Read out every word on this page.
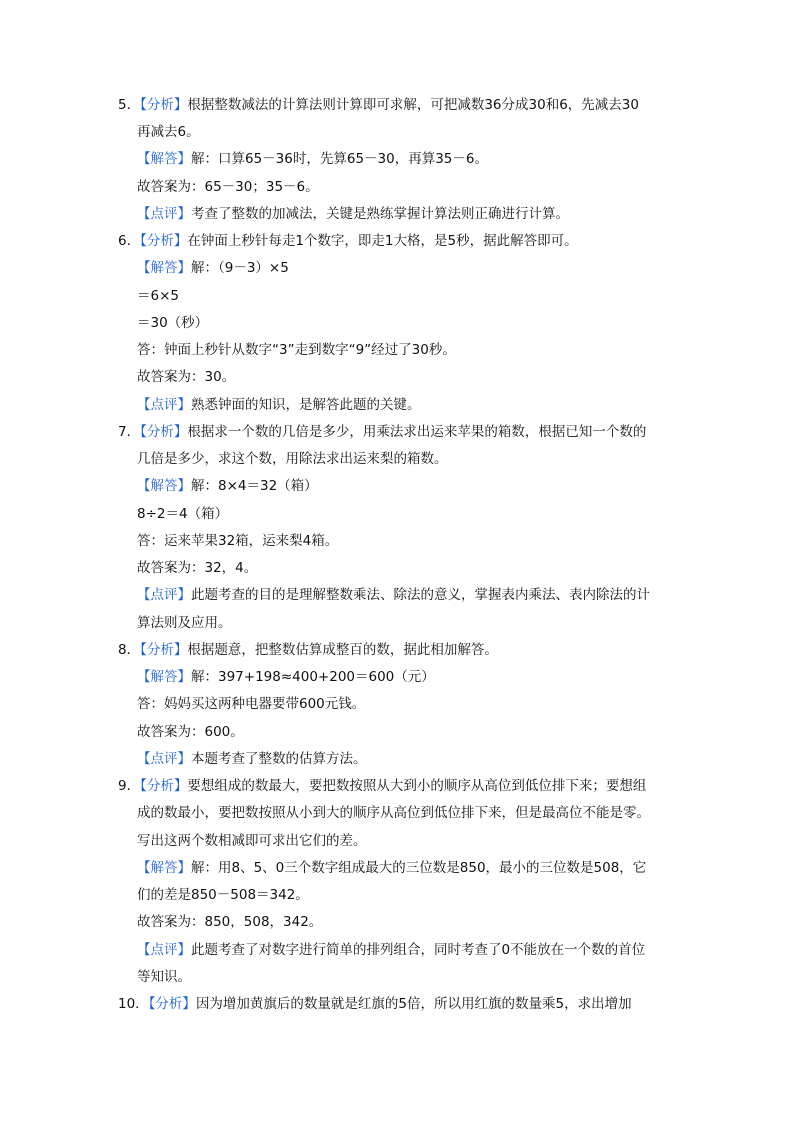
5．【分析】根据整数减法的计算法则计算即可求解，可把减数36分成30和6，先减去30
再减去6。
【解答】解：口算65－36时，先算65－30，再算35－6。
故答案为：65－30；35－6。
【点评】考查了整数的加减法，关键是熟练掌握计算法则正确进行计算。
6．【分析】在钟面上秒针每走1个数字，即走1大格，是5秒，据此解答即可。
【解答】解：（9－3）×5
＝6×5
＝30（秒）
答：钟面上秒针从数字“3”走到数字“9”经过了30秒。
故答案为：30。
【点评】熟悉钟面的知识，是解答此题的关键。
7．【分析】根据求一个数的几倍是多少，用乘法求出运来苹果的箱数，根据已知一个数的
几倍是多少，求这个数，用除法求出运来梨的箱数。
【解答】解：8×4＝32（箱）
8÷2＝4（箱）
答：运来苹果32箱，运来梨4箱。
故答案为：32，4。
【点评】此题考查的目的是理解整数乘法、除法的意义，掌握表内乘法、表内除法的计
算法则及应用。
8．【分析】根据题意，把整数估算成整百的数，据此相加解答。
【解答】解：397+198≈400+200＝600（元）
答：妈妈买这两种电器要带600元钱。
故答案为：600。
【点评】本题考查了整数的估算方法。
9．【分析】要想组成的数最大，要把数按照从大到小的顺序从高位到低位排下来；要想组
成的数最小，要把数按照从小到大的顺序从高位到低位排下来，但是最高位不能是零。
写出这两个数相减即可求出它们的差。
【解答】解：用8、5、0三个数字组成最大的三位数是850，最小的三位数是508，它
们的差是850－508＝342。
故答案为：850，508，342。
【点评】此题考查了对数字进行简单的排列组合，同时考查了0不能放在一个数的首位
等知识。
10．【分析】因为增加黄旗后的数量就是红旗的5倍，所以用红旗的数量乘5，求出增加
